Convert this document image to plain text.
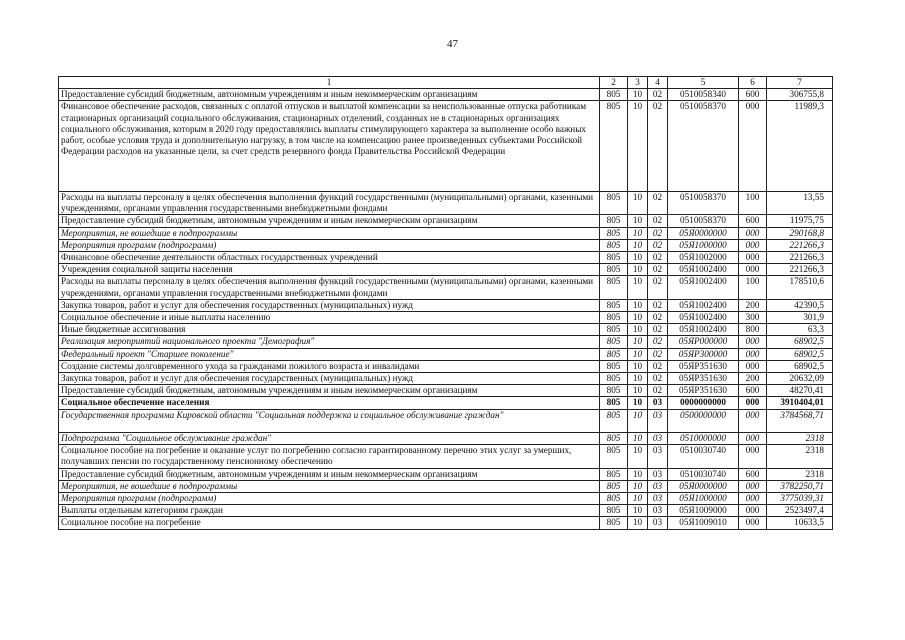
47
1	2	3	4	5	6	7
Предоставление субсидий бюджетным, автономным учреждениям и иным некоммерческим организациям	805	10	02	0510058340	600	306755,8
Финансовое обеспечение расходов, связанных с оплатой отпусков и выплатой компенсации за неиспользованные отпуска работникам стационарных организаций социального обслуживания, стационарных отделений, созданных не в стационарных организациях социального обслуживания, которым в 2020 году предоставлялись выплаты стимулирующего характера за выполнение особо важных работ, особые условия труда и дополнительную нагрузку, в том числе на компенсацию ранее произведенных субъектами Российской Федерации расходов на указанные цели, за счет средств резервного фонда Правительства Российской Федерации	805	10	02	0510058370	000	11989,3
Расходы на выплаты персоналу в целях обеспечения выполнения функций государственными (муниципальными) органами, казенными учреждениями, органами управления государственными внебюджетными фондами	805	10	02	0510058370	100	13,55
Предоставление субсидий бюджетным, автономным учреждениям и иным некоммерческим организациям	805	10	02	0510058370	600	11975,75
Мероприятия, не вошедшие в подпрограммы	805	10	02	05Я0000000	000	290168,8
Мероприятия программ (подпрограмм)	805	10	02	05Я1000000	000	221266,3
Финансовое обеспечение деятельности областных государственных учреждений	805	10	02	05Я1002000	000	221266,3
Учреждения социальной защиты населения	805	10	02	05Я1002400	000	221266,3
Расходы на выплаты персоналу в целях обеспечения выполнения функций государственными (муниципальными) органами, казенными учреждениями, органами управления государственными внебюджетными фондами	805	10	02	05Я1002400	100	178510,6
Закупка товаров, работ и услуг для обеспечения государственных (муниципальных) нужд	805	10	02	05Я1002400	200	42390,5
Социальное обеспечение и иные выплаты населению	805	10	02	05Я1002400	300	301,9
Иные бюджетные ассигнования	805	10	02	05Я1002400	800	63,3
Реализация мероприятий национального проекта "Демография"	805	10	02	05ЯP000000	000	68902,5
Федеральный проект "Старшее поколение"	805	10	02	05ЯP300000	000	68902,5
Создание системы долговременного ухода за гражданами пожилого возраста и инвалидами	805	10	02	05ЯP351630	000	68902,5
Закупка товаров, работ и услуг для обеспечения государственных (муниципальных) нужд	805	10	02	05ЯP351630	200	20632,09
Предоставление субсидий бюджетным, автономным учреждениям и иным некоммерческим организациям	805	10	02	05ЯP351630	600	48270,41
Социальное обеспечение населения	805	10	03	0000000000	000	3910404,01
Государственная программа Кировской области "Социальная поддержка и социальное обслуживание граждан"	805	10	03	0500000000	000	3784568,71
Подпрограмма "Социальное обслуживание граждан"	805	10	03	0510000000	000	2318
Социальное пособие на погребение и оказание услуг по погребению согласно гарантированному перечню этих услуг за умерших, получавших пенсии по государственному пенсионному обеспечению	805	10	03	0510030740	000	2318
Предоставление субсидий бюджетным, автономным учреждениям и иным некоммерческим организациям	805	10	03	0510030740	600	2318
Мероприятия, не вошедшие в подпрограммы	805	10	03	05Я0000000	000	3782250,71
Мероприятия программ (подпрограмм)	805	10	03	05Я1000000	000	3775039,31
Выплаты отдельным категориям граждан	805	10	03	05Я1009000	000	2523497,4
Социальное пособие на погребение	805	10	03	05Я1009010	000	10633,5
